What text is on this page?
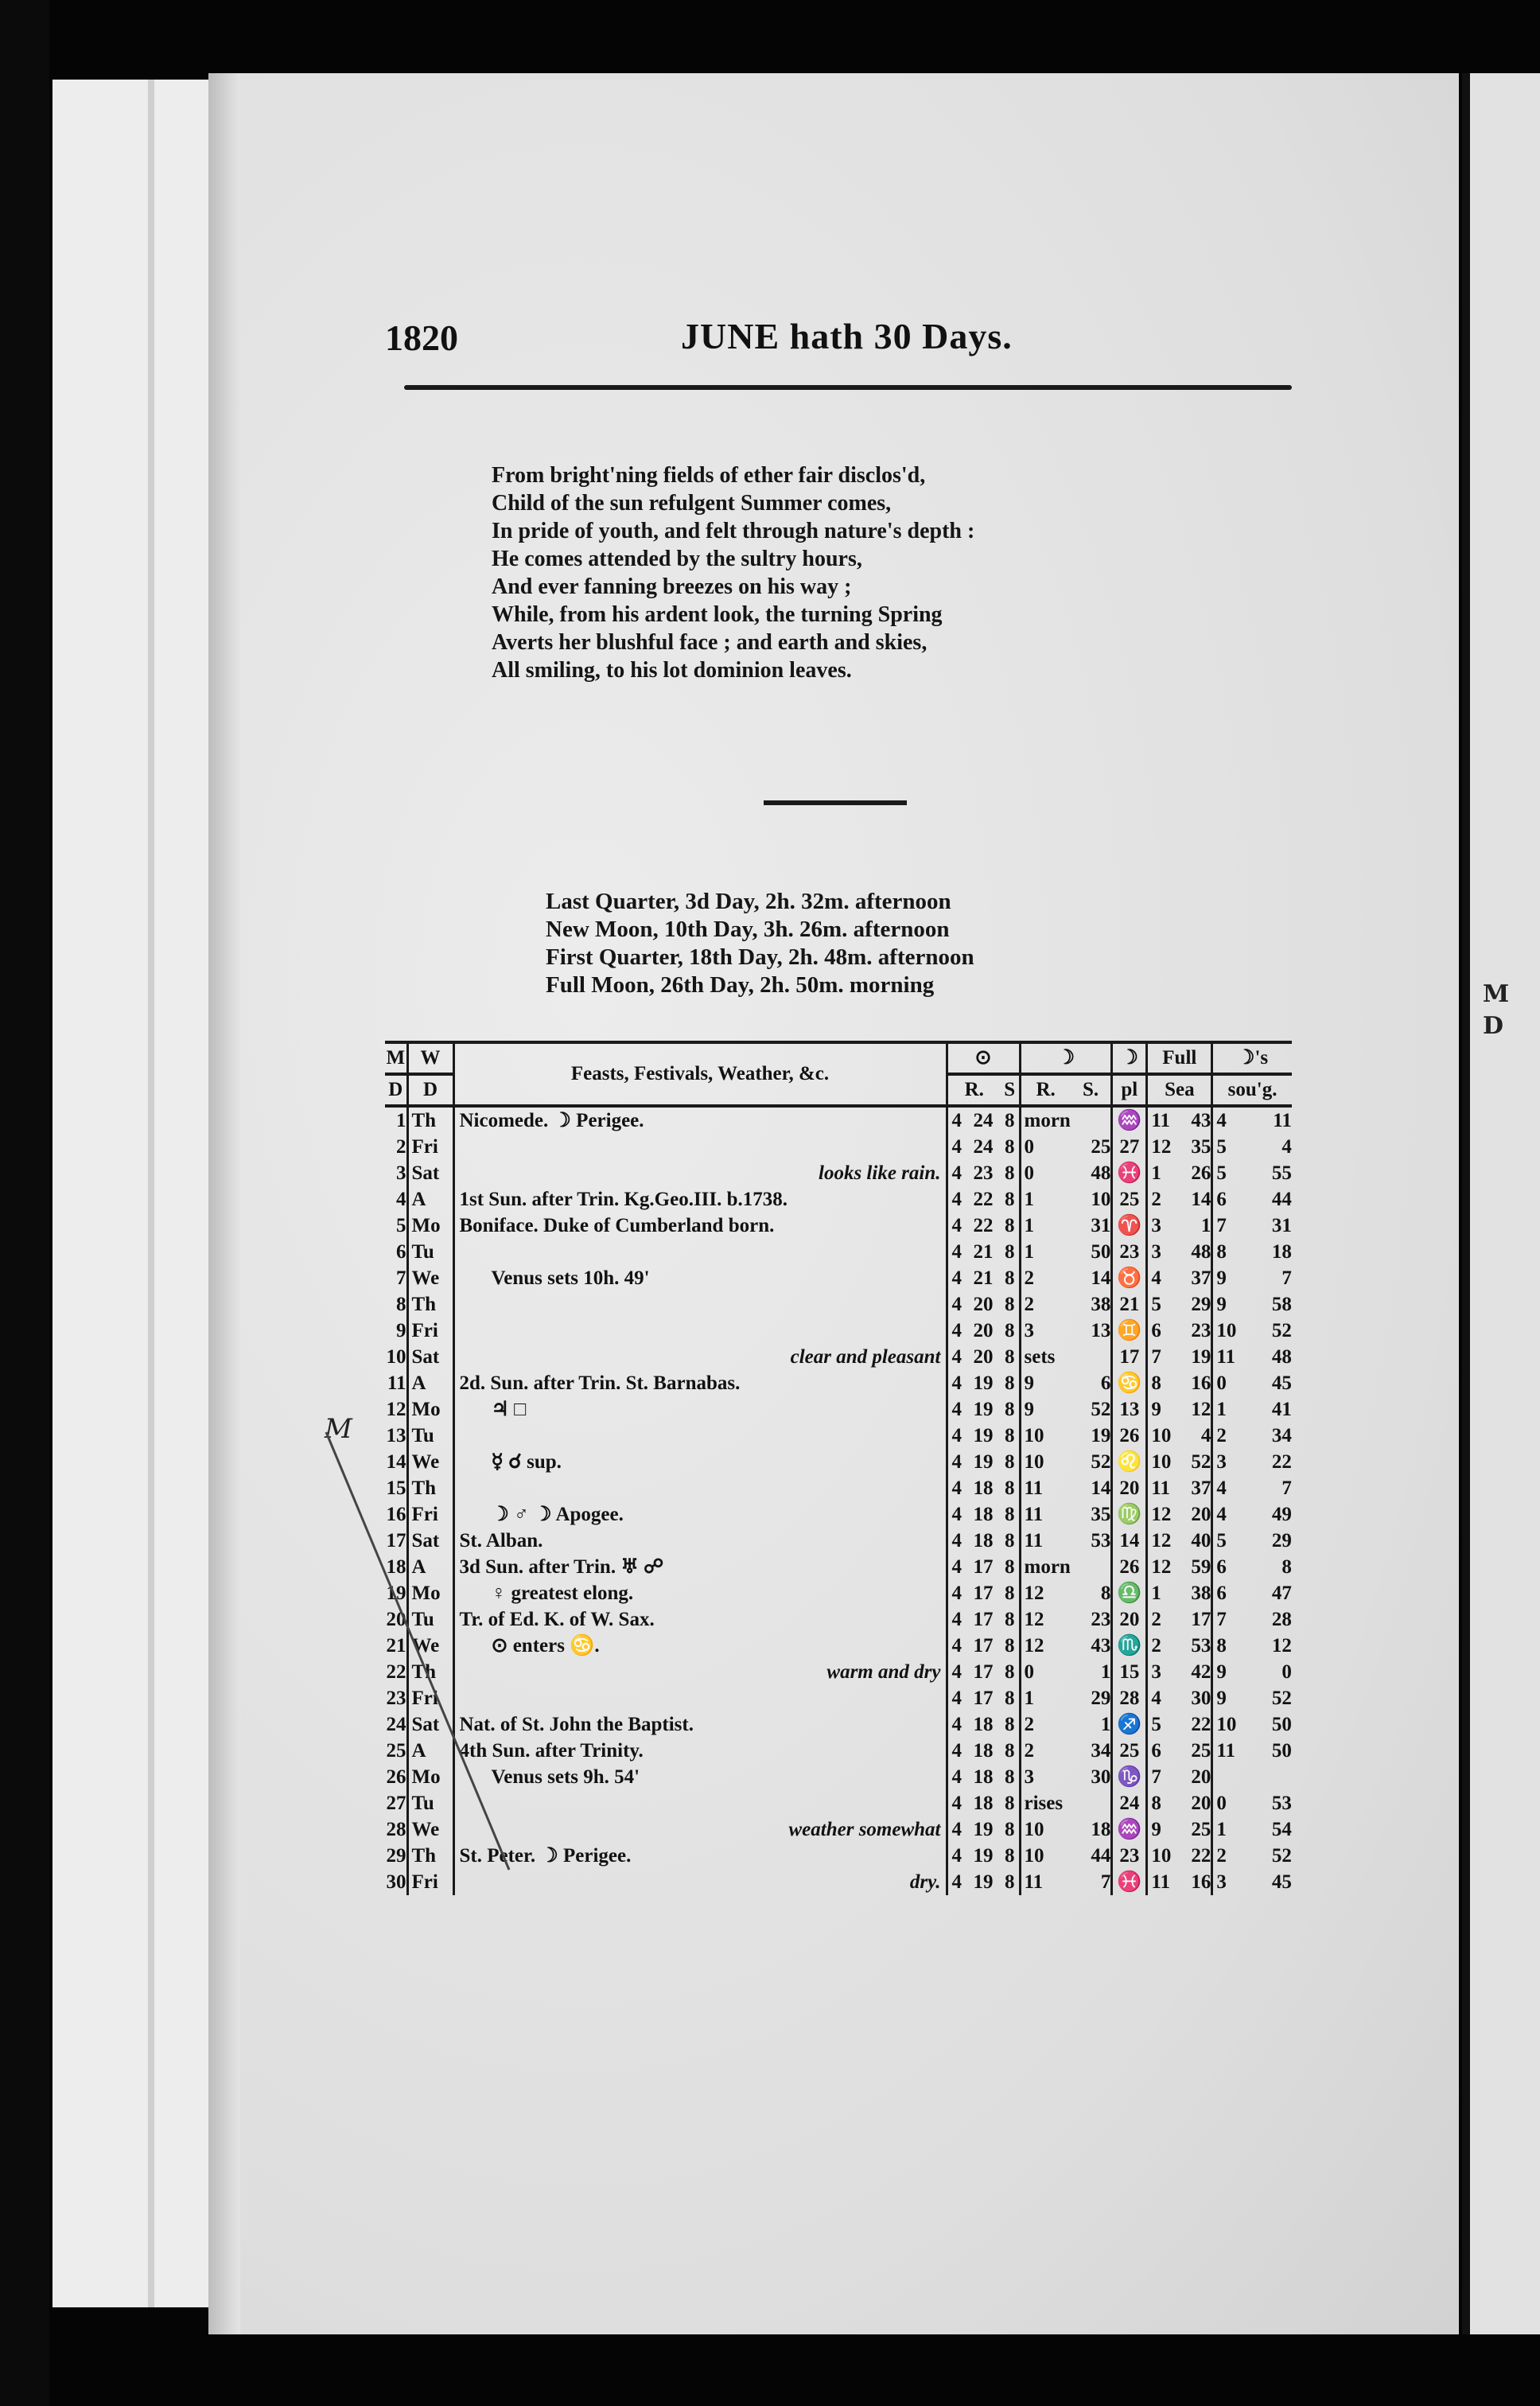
M
D
1820	JUNE hath 30 Days.
From bright'ning fields of ether fair disclos'd,
Child of the sun refulgent Summer comes,
In pride of youth, and felt through nature's depth :
He comes attended by the sultry hours,
And ever fanning breezes on his way ;
While, from his ardent look, the turning Spring
Averts her blushful face ; and earth and skies,
All smiling, to his lot dominion leaves.
Last Quarter, 3d Day, 2h. 32m. afternoon
New Moon, 10th Day, 3h. 26m. afternoon
First Quarter, 18th Day, 2h. 48m. afternoon
Full Moon, 26th Day, 2h. 50m. morning
M	W	Feasts, Festivals, Weather, &c.	⊙			☽		☽	Full		☽'s	
D	D		R.		S	R.	S.	pl	Sea		sou'g.	
1	Th	Nicomede. ☽ Perigee.	4	24	8	morn		♒	11	43	4	11
2	Fri		4	24	8	0	25	27	12	35	5	4
3	Sat	looks like rain.	4	23	8	0	48	♓	1	26	5	55
4	A	1st Sun. after Trin. Kg.Geo.III. b.1738.	4	22	8	1	10	25	2	14	6	44
5	Mo	Boniface. Duke of Cumberland born.	4	22	8	1	31	♈	3	1	7	31
6	Tu		4	21	8	1	50	23	3	48	8	18
7	We	Venus sets 10h. 49'	4	21	8	2	14	♉	4	37	9	7
8	Th		4	20	8	2	38	21	5	29	9	58
9	Fri		4	20	8	3	13	♊	6	23	10	52
10	Sat	clear and pleasant	4	20	8	sets		17	7	19	11	48
11	A	2d. Sun. after Trin. St. Barnabas.	4	19	8	9	6	♋	8	16	0	45
12	Mo	♃ □	4	19	8	9	52	13	9	12	1	41
13	Tu		4	19	8	10	19	26	10	4	2	34
14	We	☿ ☌ sup.	4	19	8	10	52	♌	10	52	3	22
15	Th		4	18	8	11	14	20	11	37	4	7
16	Fri	☽ ♂ ☽ Apogee.	4	18	8	11	35	♍	12	20	4	49
17	Sat	St. Alban.	4	18	8	11	53	14	12	40	5	29
18	A	3d Sun. after Trin. ♅ ☍	4	17	8	morn		26	12	59	6	8
19	Mo	♀ greatest elong.	4	17	8	12	8	♎	1	38	6	47
20	Tu	Tr. of Ed. K. of W. Sax.	4	17	8	12	23	20	2	17	7	28
21	We	⊙ enters ♋.	4	17	8	12	43	♏	2	53	8	12
22	Th	warm and dry	4	17	8	0	1	15	3	42	9	0
23	Fri		4	17	8	1	29	28	4	30	9	52
24	Sat	Nat. of St. John the Baptist.	4	18	8	2	1	♐	5	22	10	50
25	A	4th Sun. after Trinity.	4	18	8	2	34	25	6	25	11	50
26	Mo	Venus sets 9h. 54'	4	18	8	3	30	♑	7	20		
27	Tu		4	18	8	rises		24	8	20	0	53
28	We	weather somewhat	4	19	8	10	18	♒	9	25	1	54
29	Th	St. Peter. ☽ Perigee.	4	19	8	10	44	23	10	22	2	52
30	Fri	dry.	4	19	8	11	7	♓	11	16	3	45
M
